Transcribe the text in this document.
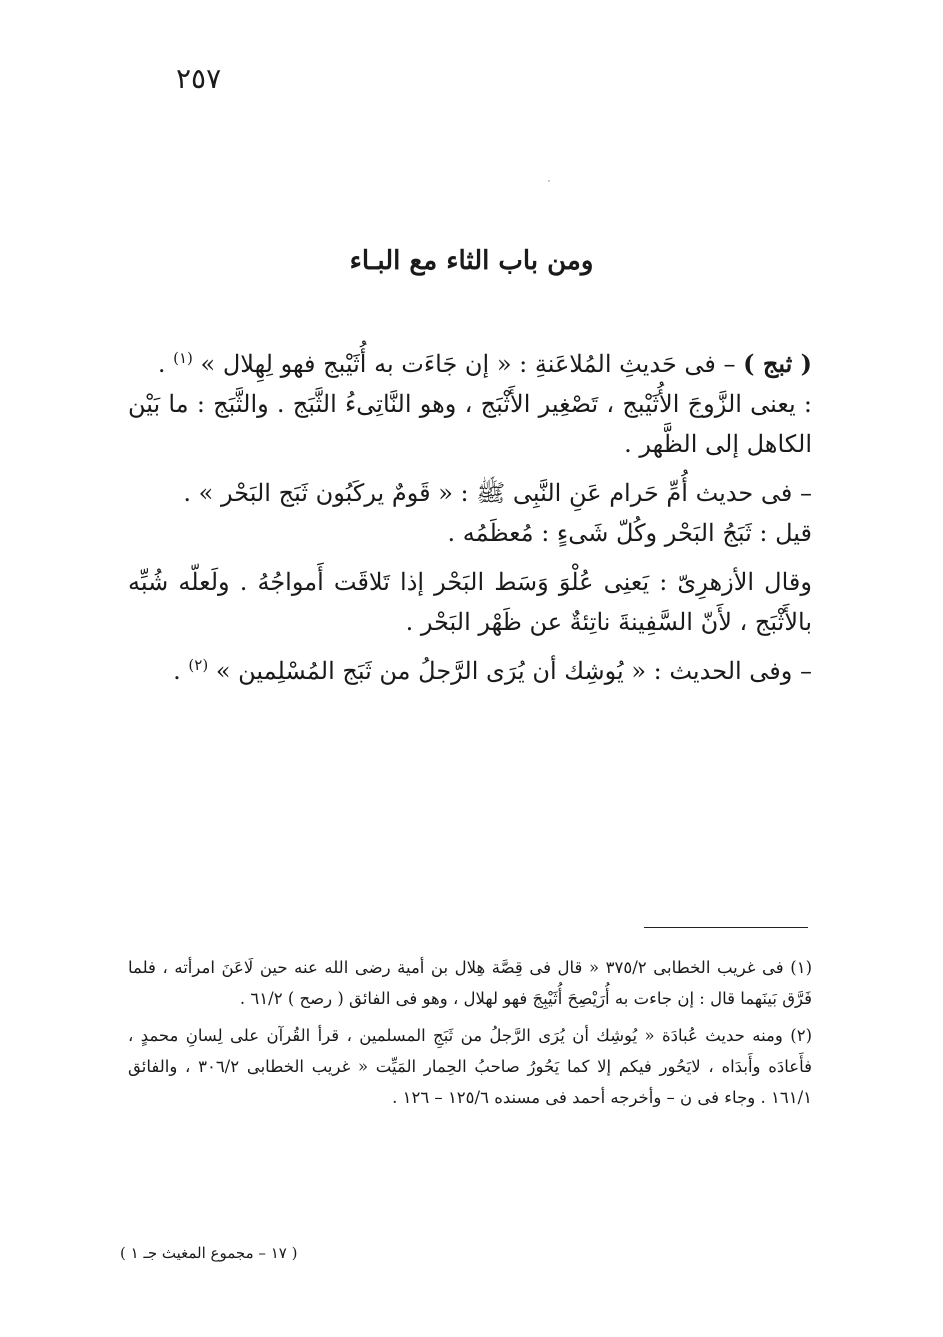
٢٥٧
ومن باب الثاء مع البـاء

( ثبج ) – فى حَديثِ المُلاعَنةِ : « إن جَاءَت به أُثَيْبج فهو لِهِلال » $^{(١)}$ .

: يعنى الزَّوجَ الأُثَيْبج ، تَصْغِير الأَثْبَج ، وهو النَّاتِىءُ الثَّبَج . والثَّبَج : ما بَيْن الكاهل إلى الظَّهر .

– فى حديث أُمِّ حَرام عَنِ النَّبِى ﷺ : « قَومٌ يركَبُون ثَبَج البَحْر » .

قيل : ثَبَجُ البَحْر وكُلّ شَىءٍ : مُعظَمُه .

وقال الأزهرِىّ : يَعنِى عُلْوَ وَسَط البَحْر إذا تَلاقَت أَمواجُهُ . ولَعلّه شُبِّه بالأَثْبَج ، لأَنّ السَّفِينةَ ناتِئةٌ عن ظَهْر البَحْر .

– وفى الحديث : « يُوشِك أن يُرَى الرَّجلُ من ثَبَج المُسْلِمين » $^{(٢)}$ .

(١) فى غريب الخطابى ٣٧٥/٢ « قال فى قِصَّة هِلال بن أمية رضى الله عنه حين لَاعَنَ امرأته ، فلما فَرَّق بَينَهما قال : إن جاءت به أُرَيْصِحَ أُثَيْبِجَ فهو لهلال ، وهو فى الفائق ( رصح ) ٦١/٢ .

(٢) ومنه حديث عُبادَة « يُوشِك أن يُرَى الرَّجلُ من ثَبَجِ المسلمين ، قرأ القُرآن على لِسانِ محمدٍ ، فأَعادَه وأَبدَاه ، لايَحُور فيكم إلا كما يَحُورُ صاحبُ الحِمار المَيِّت « غريب الخطابى ٣٠٦/٢ ، والفائق ١٦١/١ . وجاء فى ن – وأخرجه أحمد فى مسنده ١٢٥/٦ – ١٢٦ .

( ١٧ – مجموع المغيث جـ ١ )
